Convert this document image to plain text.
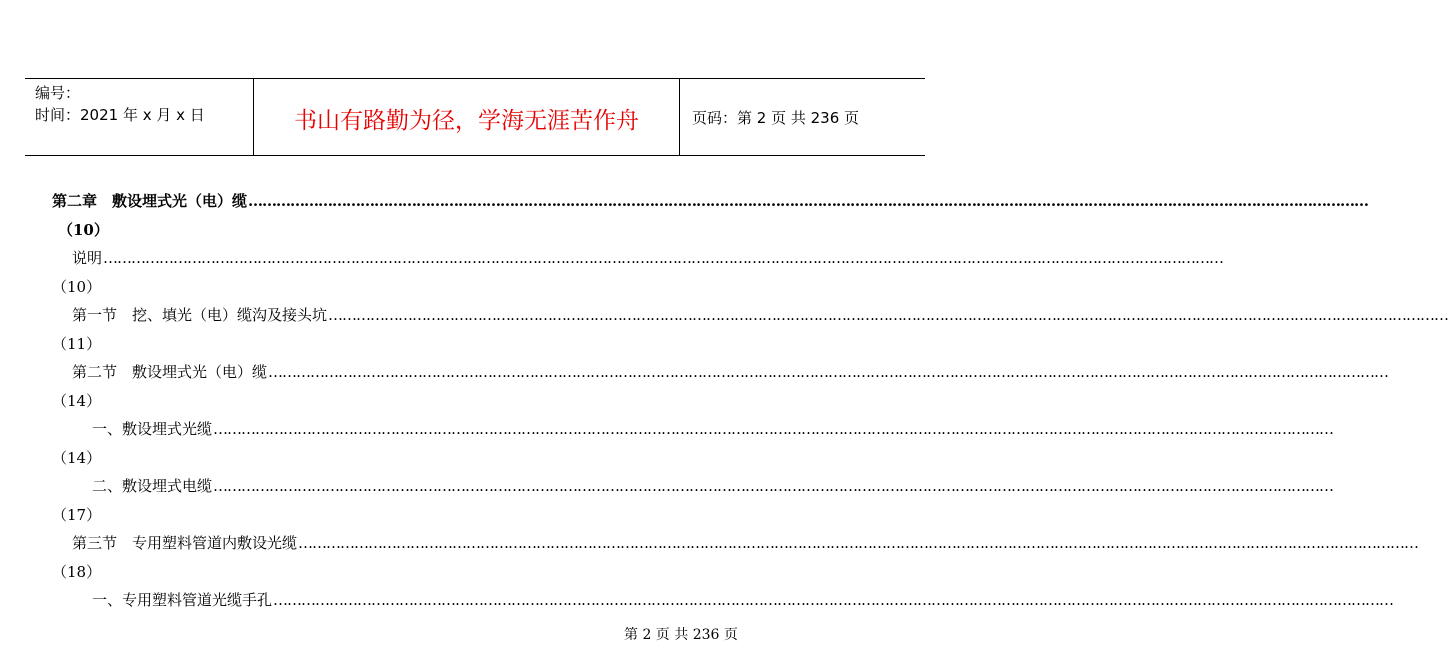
编号：
时间：2021 年 x 月 x 日	书山有路勤为径，学海无涯苦作舟	页码：第 2 页 共 236 页
第二章　敷设埋式光（电）缆 ……………………………………………………………………………………………………………………………………………………………………………………………………………………
（10）
说明 ……………………………………………………………………………………………………………………………………………………………………………………………………………………
（10）
第一节　挖、填光（电）缆沟及接头坑 ……………………………………………………………………………………………………………………………………………………………………………………………………………………
（11）
第二节　敷设埋式光（电）缆 ……………………………………………………………………………………………………………………………………………………………………………………………………………………
（14）
一、敷设埋式光缆 ……………………………………………………………………………………………………………………………………………………………………………………………………………………
（14）
二、敷设埋式电缆 ……………………………………………………………………………………………………………………………………………………………………………………………………………………
（17）
第三节　专用塑料管道内敷设光缆 ……………………………………………………………………………………………………………………………………………………………………………………………………………………
（18）
一、专用塑料管道光缆手孔 ……………………………………………………………………………………………………………………………………………………………………………………………………………………
第 2 页 共 236 页
